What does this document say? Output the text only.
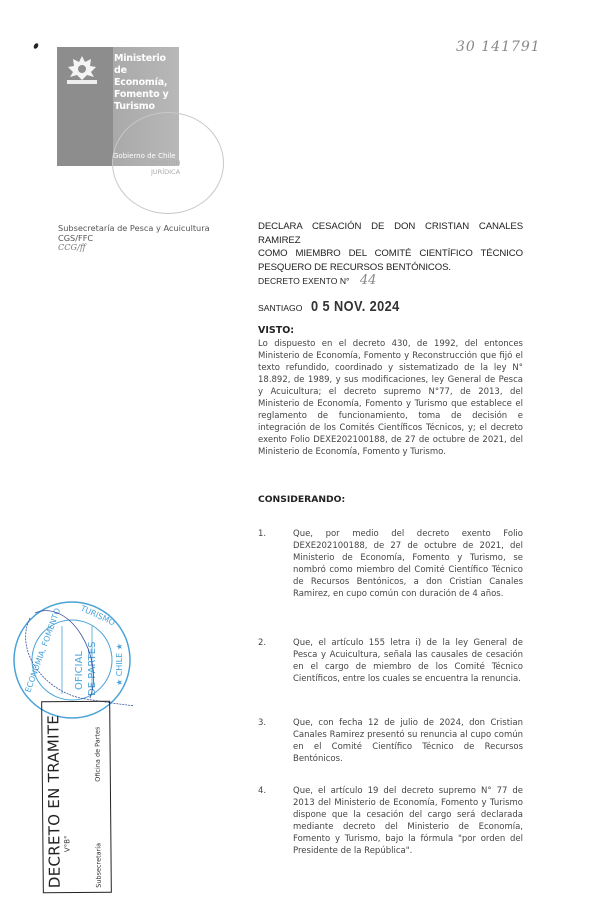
Ministerio de
Economía,
Fomento y
Turismo
Gobierno de Chile
DIVISIÓN
JURÍDICA
30 141791
Subsecretaría de Pesca y Acuicultura
CGS/FFC
CCG/ff
DECLARA CESACIÓN DE DON CRISTIAN CANALES RAMIREZ
COMO MIEMBRO DEL COMITÉ CIENTÍFICO TÉCNICO
PESQUERO DE RECURSOS BENTÓNICOS.
DECRETO EXENTO N° 44
SANTIAGO 0 5 NOV. 2024
VISTO:
Lo dispuesto en el decreto 430, de 1992, del entonces Ministerio de Economía, Fomento y Reconstrucción que fijó el texto refundido, coordinado y sistematizado de la ley N° 18.892, de 1989, y sus modificaciones, ley General de Pesca y Acuicultura; el decreto supremo N°77, de 2013, del Ministerio de Economía, Fomento y Turismo que establece el reglamento de funcionamiento, toma de decisión e integración de los Comités Científicos Técnicos, y; el decreto exento Folio DEXE202100188, de 27 de octubre de 2021, del Ministerio de Economía, Fomento y Turismo.
CONSIDERANDO:
1.	Que, por medio del decreto exento Folio DEXE202100188, de 27 de octubre de 2021, del Ministerio de Economía, Fomento y Turismo, se nombró como miembro del Comité Científico Técnico de Recursos Bentónicos, a don Cristian Canales Ramirez, en cupo común con duración de 4 años.
2.	Que, el artículo 155 letra i) de la ley General de Pesca y Acuicultura, señala las causales de cesación en el cargo de miembro de los Comité Técnico Científicos, entre los cuales se encuentra la renuncia.
3.	Que, con fecha 12 de julio de 2024, don Cristian Canales Ramirez presentó su renuncia al cupo común en el Comité Científico Técnico de Recursos Bentónicos.
4.	Que, el artículo 19 del decreto supremo N° 77 de 2013 del Ministerio de Economía, Fomento y Turismo dispone que la cesación del cargo será declarada mediante decreto del Ministerio de Economía, Fomento y Turismo, bajo la fórmula "por orden del Presidente de la República".
ECONOMIA, FOMENTO TURISMO
★ CHILE ★
OFICIAL DE PARTES
DECRETO EN TRAMITE V°B°	Subsecretaría
Oficina de Partes
